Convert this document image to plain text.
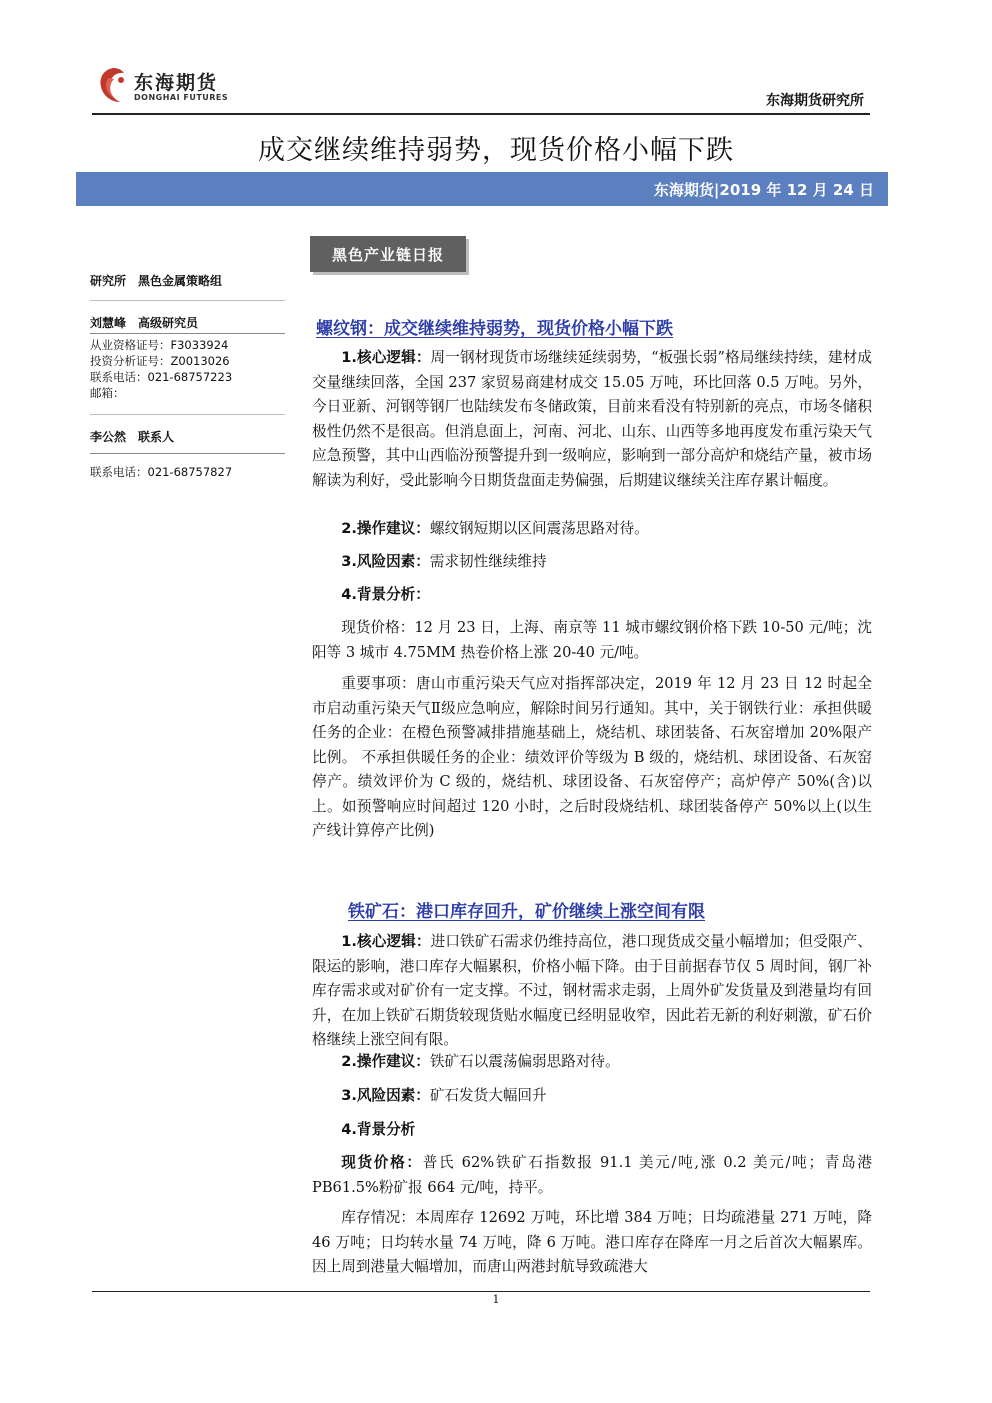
东海期货
DONGHAI FUTURES	东海期货研究所
成交继续维持弱势，现货价格小幅下跌
东海期货|2019 年 12 月 24 日
黑色产业链日报
研究所　黑色金属策略组
刘慧峰　高级研究员
从业资格证号：F3033924
投资分析证号：Z0013026
联系电话：021-68757223
邮箱：
李公然　联系人
联系电话：021-68757827
螺纹钢：成交继续维持弱势，现货价格小幅下跌
1.核心逻辑：周一钢材现货市场继续延续弱势，“板强长弱”格局继续持续，建材成交量继续回落，全国 237 家贸易商建材成交 15.05 万吨，环比回落 0.5 万吨。另外，今日亚新、河钢等钢厂也陆续发布冬储政策，目前来看没有特别新的亮点，市场冬储积极性仍然不是很高。但消息面上，河南、河北、山东、山西等多地再度发布重污染天气应急预警，其中山西临汾预警提升到一级响应，影响到一部分高炉和烧结产量，被市场解读为利好，受此影响今日期货盘面走势偏强，后期建议继续关注库存累计幅度。
2.操作建议：螺纹钢短期以区间震荡思路对待。
3.风险因素：需求韧性继续维持
4.背景分析：
现货价格：12 月 23 日，上海、南京等 11 城市螺纹钢价格下跌 10-50 元/吨；沈阳等 3 城市 4.75MM 热卷价格上涨 20-40 元/吨。
重要事项：唐山市重污染天气应对指挥部决定，2019 年 12 月 23 日 12 时起全市启动重污染天气Ⅱ级应急响应，解除时间另行通知。其中，关于钢铁行业：承担供暖任务的企业：在橙色预警减排措施基础上，烧结机、球团装备、石灰窑增加 20%限产比例。 不承担供暖任务的企业：绩效评价等级为 B 级的，烧结机、球团设备、石灰窑停产。绩效评价为 C 级的，烧结机、球团设备、石灰窑停产；高炉停产 50%(含)以上。如预警响应时间超过 120 小时，之后时段烧结机、球团装备停产 50%以上(以生产线计算停产比例)
铁矿石：港口库存回升，矿价继续上涨空间有限
1.核心逻辑：进口铁矿石需求仍维持高位，港口现货成交量小幅增加；但受限产、限运的影响，港口库存大幅累积，价格小幅下降。由于目前据春节仅 5 周时间，钢厂补库存需求或对矿价有一定支撑。不过，钢材需求走弱，上周外矿发货量及到港量均有回升，在加上铁矿石期货较现货贴水幅度已经明显收窄，因此若无新的利好刺激，矿石价格继续上涨空间有限。
2.操作建议：铁矿石以震荡偏弱思路对待。
3.风险因素：矿石发货大幅回升
4.背景分析
现货价格：普氏 62%铁矿石指数报 91.1 美元/吨,涨 0.2 美元/吨；青岛港 PB61.5%粉矿报 664 元/吨，持平。
库存情况：本周库存 12692 万吨，环比增 384 万吨；日均疏港量 271 万吨，降 46 万吨；日均转水量 74 万吨，降 6 万吨。港口库存在降库一月之后首次大幅累库。因上周到港量大幅增加，而唐山两港封航导致疏港大
1
